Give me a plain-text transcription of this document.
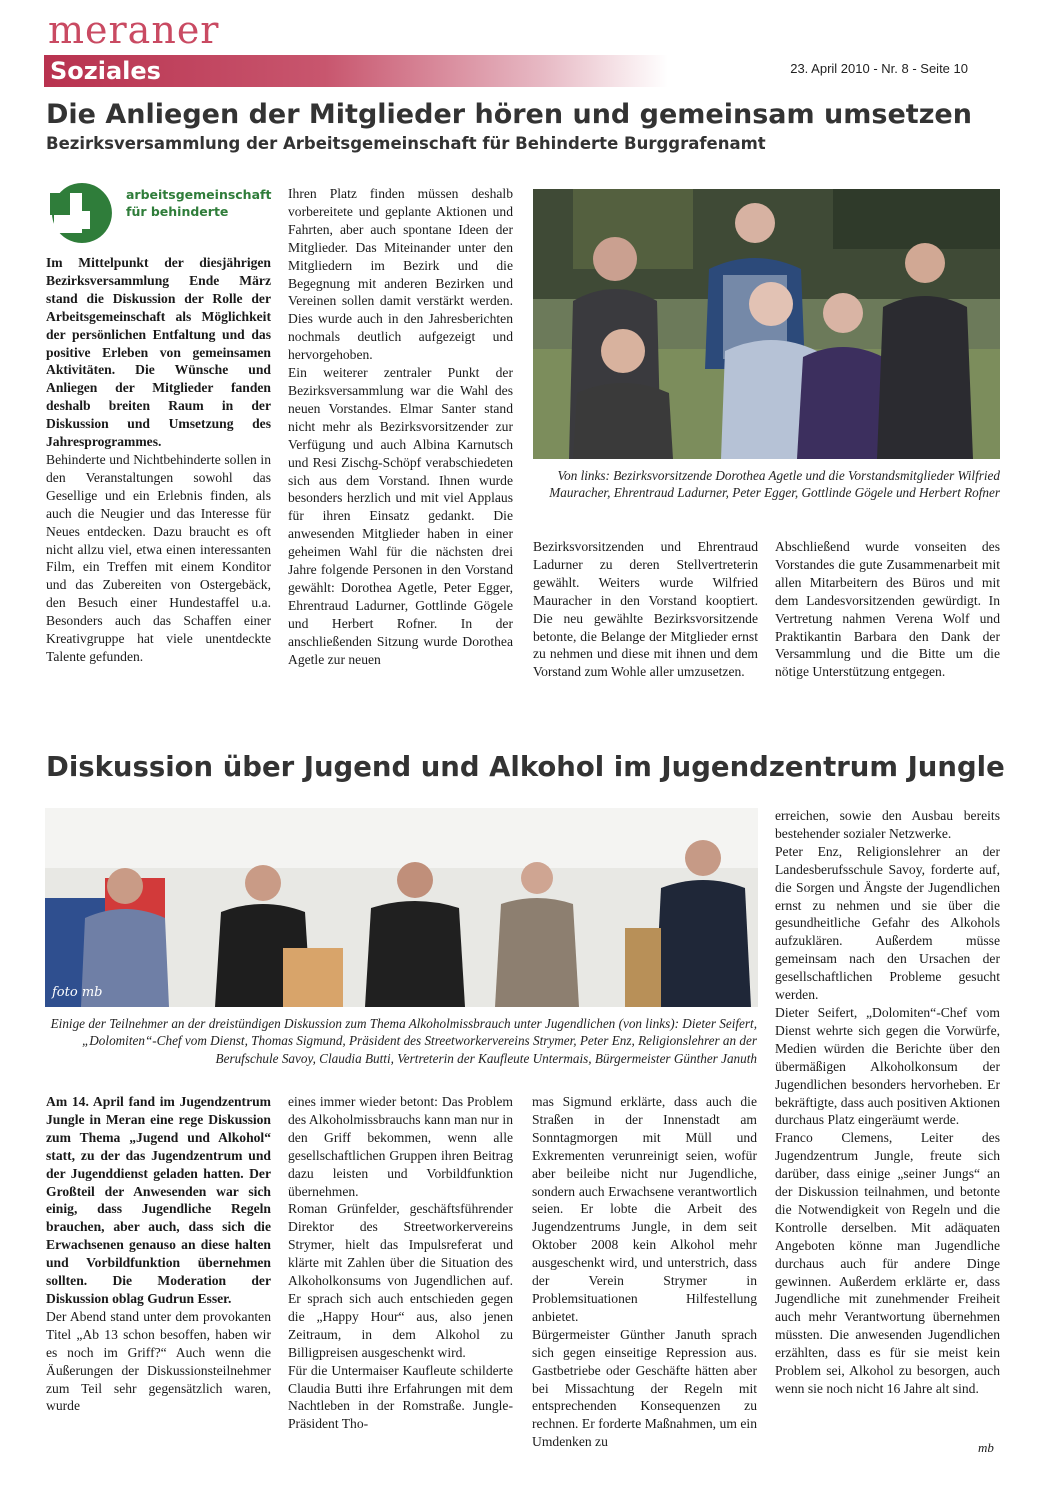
meraner
Soziales	23. April 2010 - Nr. 8 - Seite 10
Die Anliegen der Mitglieder hören und gemeinsam umsetzen
Bezirksversammlung der Arbeitsgemeinschaft für Behinderte Burggrafenamt
arbeitsgemeinschaft
für behinderte

Im Mittelpunkt der diesjährigen Bezirksversammlung Ende März stand die Diskussion der Rolle der Arbeitsgemeinschaft als Möglichkeit der persönlichen Entfaltung und das positive Erleben von gemeinsamen Aktivitäten. Die Wünsche und Anliegen der Mitglieder fanden deshalb breiten Raum in der Diskussion und Umsetzung des Jahresprogrammes.

Behinderte und Nichtbehinderte sollen in den Veranstaltungen sowohl das Gesellige und ein Erlebnis finden, als auch die Neugier und das Interesse für Neues entdecken. Dazu braucht es oft nicht allzu viel, etwa einen interessanten Film, ein Treffen mit einem Konditor und das Zubereiten von Ostergebäck, den Besuch einer Hundestaffel u.a. Besonders auch das Schaffen einer Kreativgruppe hat viele unentdeckte Talente gefunden.

Ihren Platz finden müssen deshalb vorbereitete und geplante Aktionen und Fahrten, aber auch spontane Ideen der Mitglieder. Das Miteinander unter den Mitgliedern im Bezirk und die Begegnung mit anderen Bezirken und Vereinen sollen damit verstärkt werden. Dies wurde auch in den Jahresberichten nochmals deutlich aufgezeigt und hervorgehoben.

Ein weiterer zentraler Punkt der Bezirksversammlung war die Wahl des neuen Vorstandes. Elmar Santer stand nicht mehr als Bezirksvorsitzender zur Verfügung und auch Albina Karnutsch und Resi Zischg-Schöpf verabschiedeten sich aus dem Vorstand. Ihnen wurde besonders herzlich und mit viel Applaus für ihren Einsatz gedankt. Die anwesenden Mitglieder haben in einer geheimen Wahl für die nächsten drei Jahre folgende Personen in den Vorstand gewählt: Dorothea Agetle, Peter Egger, Ehrentraud Ladurner, Gottlinde Gögele und Herbert Rofner. In der anschließenden Sitzung wurde Dorothea Agetle zur neuen

Von links: Bezirksvorsitzende Dorothea Agetle und die Vorstandsmitglieder Wilfried Mauracher, Ehrentraud Ladurner, Peter Egger, Gottlinde Gögele und Herbert Rofner

Bezirksvorsitzenden und Ehrentraud Ladurner zu deren Stellvertreterin gewählt. Weiters wurde Wilfried Mauracher in den Vorstand kooptiert. Die neu gewählte Bezirksvorsitzende betonte, die Belange der Mitglieder ernst zu nehmen und diese mit ihnen und dem Vorstand zum Wohle aller umzusetzen.

Abschließend wurde vonseiten des Vorstandes die gute Zusammenarbeit mit allen Mitarbeitern des Büros und mit dem Landesvorsitzenden gewürdigt. In Vertretung nahmen Verena Wolf und Praktikantin Barbara den Dank der Versammlung und die Bitte um die nötige Unterstützung entgegen.

Diskussion über Jugend und Alkohol im Jugendzentrum Jungle
foto mb
Einige der Teilnehmer an der dreistündigen Diskussion zum Thema Alkoholmissbrauch unter Jugendlichen (von links): Dieter Seifert, „Dolomiten“-Chef vom Dienst, Thomas Sigmund, Präsident des Streetworkervereins Strymer, Peter Enz, Religionslehrer an der Berufschule Savoy, Claudia Butti, Vertreterin der Kaufleute Untermais, Bürgermeister Günther Januth

Am 14. April fand im Jugendzentrum Jungle in Meran eine rege Diskussion zum Thema „Jugend und Alkohol“ statt, zu der das Jugendzentrum und der Jugenddienst geladen hatten. Der Großteil der Anwesenden war sich einig, dass Jugendliche Regeln brauchen, aber auch, dass sich die Erwachsenen genauso an diese halten und Vorbildfunktion übernehmen sollten. Die Moderation der Diskussion oblag Gudrun Esser.

Der Abend stand unter dem provokanten Titel „Ab 13 schon besoffen, haben wir es noch im Griff?“ Auch wenn die Äußerungen der Diskussionsteilnehmer zum Teil sehr gegensätzlich waren, wurde

eines immer wieder betont: Das Problem des Alkoholmissbrauchs kann man nur in den Griff bekommen, wenn alle gesellschaftlichen Gruppen ihren Beitrag dazu leisten und Vorbildfunktion übernehmen.

Roman Grünfelder, geschäftsführender Direktor des Streetworkervereins Strymer, hielt das Impulsreferat und klärte mit Zahlen über die Situation des Alkoholkonsums von Jugendlichen auf. Er sprach sich auch entschieden gegen die „Happy Hour“ aus, also jenen Zeitraum, in dem Alkohol zu Billigpreisen ausgeschenkt wird.

Für die Untermaiser Kaufleute schilderte Claudia Butti ihre Erfahrungen mit dem Nachtleben in der Romstraße. Jungle-Präsident Tho-

mas Sigmund erklärte, dass auch die Straßen in der Innenstadt am Sonntagmorgen mit Müll und Exkrementen verunreinigt seien, wofür aber beileibe nicht nur Jugendliche, sondern auch Erwachsene verantwortlich seien. Er lobte die Arbeit des Jugendzentrums Jungle, in dem seit Oktober 2008 kein Alkohol mehr ausgeschenkt wird, und unterstrich, dass der Verein Strymer in Problemsituationen Hilfestellung anbietet.

Bürgermeister Günther Januth sprach sich gegen einseitige Repression aus. Gastbetriebe oder Geschäfte hätten aber bei Missachtung der Regeln mit entsprechenden Konsequenzen zu rechnen. Er forderte Maßnahmen, um ein Umdenken zu

erreichen, sowie den Ausbau bereits bestehender sozialer Netzwerke.

Peter Enz, Religionslehrer an der Landesberufsschule Savoy, forderte auf, die Sorgen und Ängste der Jugendlichen ernst zu nehmen und sie über die gesundheitliche Gefahr des Alkohols aufzuklären. Außerdem müsse gemeinsam nach den Ursachen der gesellschaftlichen Probleme gesucht werden.

Dieter Seifert, „Dolomiten“-Chef vom Dienst wehrte sich gegen die Vorwürfe, Medien würden die Berichte über den übermäßigen Alkoholkonsum der Jugendlichen besonders hervorheben. Er bekräftigte, dass auch positiven Aktionen durchaus Platz eingeräumt werde.

Franco Clemens, Leiter des Jugendzentrum Jungle, freute sich darüber, dass einige „seiner Jungs“ an der Diskussion teilnahmen, und betonte die Notwendigkeit von Regeln und die Kontrolle derselben. Mit adäquaten Angeboten könne man Jugendliche durchaus auch für andere Dinge gewinnen. Außerdem erklärte er, dass Jugendliche mit zunehmender Freiheit auch mehr Verantwortung übernehmen müssten. Die anwesenden Jugendlichen erzählten, dass es für sie meist kein Problem sei, Alkohol zu besorgen, auch wenn sie noch nicht 16 Jahre alt sind.

mb
